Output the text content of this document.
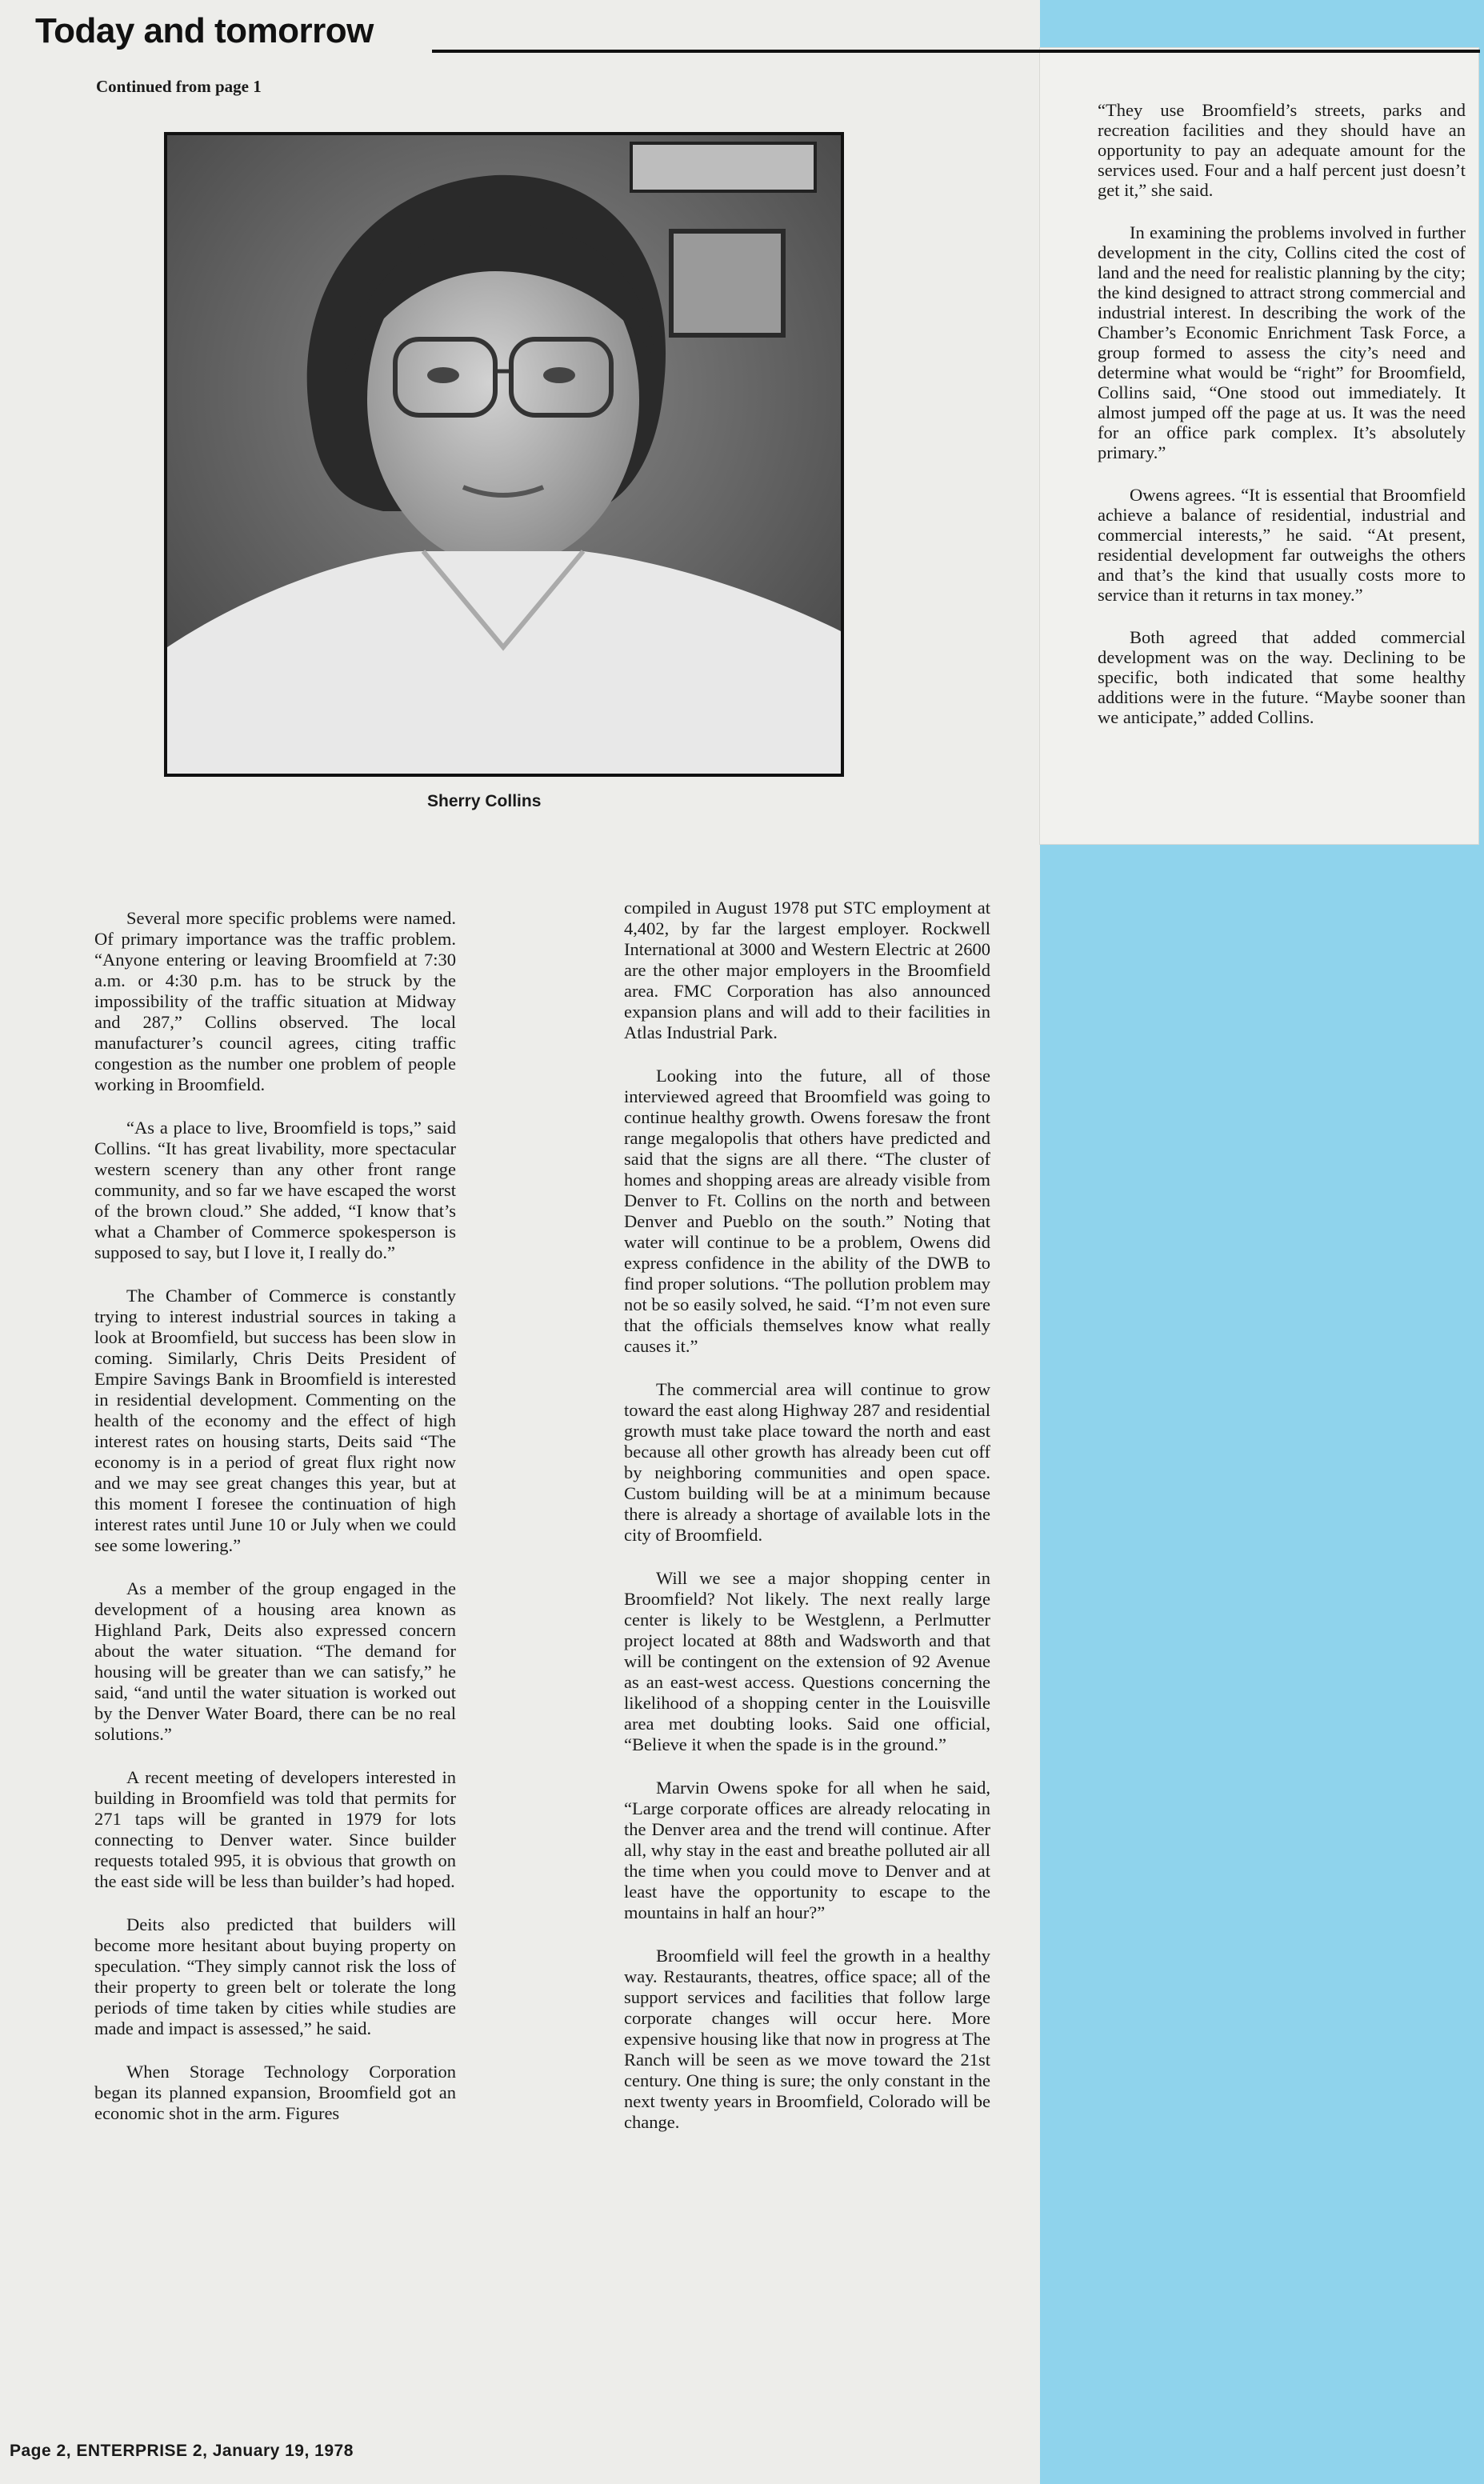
Today and tomorrow
Continued from page 1
Sherry Collins

“They use Broomfield’s streets, parks and recreation facilities and they should have an opportunity to pay an adequate amount for the services used. Four and a half percent just doesn’t get it,” she said.

In examining the problems involved in further development in the city, Collins cited the cost of land and the need for realistic planning by the city; the kind designed to attract strong commercial and industrial interest. In describing the work of the Chamber’s Economic Enrichment Task Force, a group formed to assess the city’s need and determine what would be “right” for Broomfield, Collins said, “One stood out immediately. It almost jumped off the page at us. It was the need for an office park complex. It’s absolutely primary.”

Owens agrees. “It is essential that Broomfield achieve a balance of residential, industrial and commercial interests,” he said. “At present, residential development far outweighs the others and that’s the kind that usually costs more to service than it returns in tax money.”

Both agreed that added commercial development was on the way. Declining to be specific, both indicated that some healthy additions were in the future. “Maybe sooner than we anticipate,” added Collins.

Several more specific problems were named. Of primary importance was the traffic problem. “Anyone entering or leaving Broomfield at 7:30 a.m. or 4:30 p.m. has to be struck by the impossibility of the traffic situation at Midway and 287,” Collins observed. The local manufacturer’s council agrees, citing traffic congestion as the number one problem of people working in Broomfield.

“As a place to live, Broomfield is tops,” said Collins. “It has great livability, more spectacular western scenery than any other front range community, and so far we have escaped the worst of the brown cloud.” She added, “I know that’s what a Chamber of Commerce spokesperson is supposed to say, but I love it, I really do.”

The Chamber of Commerce is constantly trying to interest industrial sources in taking a look at Broomfield, but success has been slow in coming. Similarly, Chris Deits President of Empire Savings Bank in Broomfield is interested in residential development. Commenting on the health of the economy and the effect of high interest rates on housing starts, Deits said “The economy is in a period of great flux right now and we may see great changes this year, but at this moment I foresee the continuation of high interest rates until June 10 or July when we could see some lowering.”

As a member of the group engaged in the development of a housing area known as Highland Park, Deits also expressed concern about the water situation. “The demand for housing will be greater than we can satisfy,” he said, “and until the water situation is worked out by the Denver Water Board, there can be no real solutions.”

A recent meeting of developers interested in building in Broomfield was told that permits for 271 taps will be granted in 1979 for lots connecting to Denver water. Since builder requests totaled 995, it is obvious that growth on the east side will be less than builder’s had hoped.

Deits also predicted that builders will become more hesitant about buying property on speculation. “They simply cannot risk the loss of their property to green belt or tolerate the long periods of time taken by cities while studies are made and impact is assessed,” he said.

When Storage Technology Corporation began its planned expansion, Broomfield got an economic shot in the arm. Figures

compiled in August 1978 put STC employment at 4,402, by far the largest employer. Rockwell International at 3000 and Western Electric at 2600 are the other major employers in the Broomfield area. FMC Corporation has also announced expansion plans and will add to their facilities in Atlas Industrial Park.

Looking into the future, all of those interviewed agreed that Broomfield was going to continue healthy growth. Owens foresaw the front range megalopolis that others have predicted and said that the signs are all there. “The cluster of homes and shopping areas are already visible from Denver to Ft. Collins on the north and between Denver and Pueblo on the south.” Noting that water will continue to be a problem, Owens did express confidence in the ability of the DWB to find proper solutions. “The pollution problem may not be so easily solved, he said. “I’m not even sure that the officials themselves know what really causes it.”

The commercial area will continue to grow toward the east along Highway 287 and residential growth must take place toward the north and east because all other growth has already been cut off by neighboring communities and open space. Custom building will be at a minimum because there is already a shortage of available lots in the city of Broomfield.

Will we see a major shopping center in Broomfield? Not likely. The next really large center is likely to be Westglenn, a Perlmutter project located at 88th and Wadsworth and that will be contingent on the extension of 92 Avenue as an east-west access. Questions concerning the likelihood of a shopping center in the Louisville area met doubting looks. Said one official, “Believe it when the spade is in the ground.”

Marvin Owens spoke for all when he said, “Large corporate offices are already relocating in the Denver area and the trend will continue. After all, why stay in the east and breathe polluted air all the time when you could move to Denver and at least have the opportunity to escape to the mountains in half an hour?”

Broomfield will feel the growth in a healthy way. Restaurants, theatres, office space; all of the support services and facilities that follow large corporate changes will occur here. More expensive housing like that now in progress at The Ranch will be seen as we move toward the 21st century. One thing is sure; the only constant in the next twenty years in Broomfield, Colorado will be change.

Page 2, ENTERPRISE 2, January 19, 1978
